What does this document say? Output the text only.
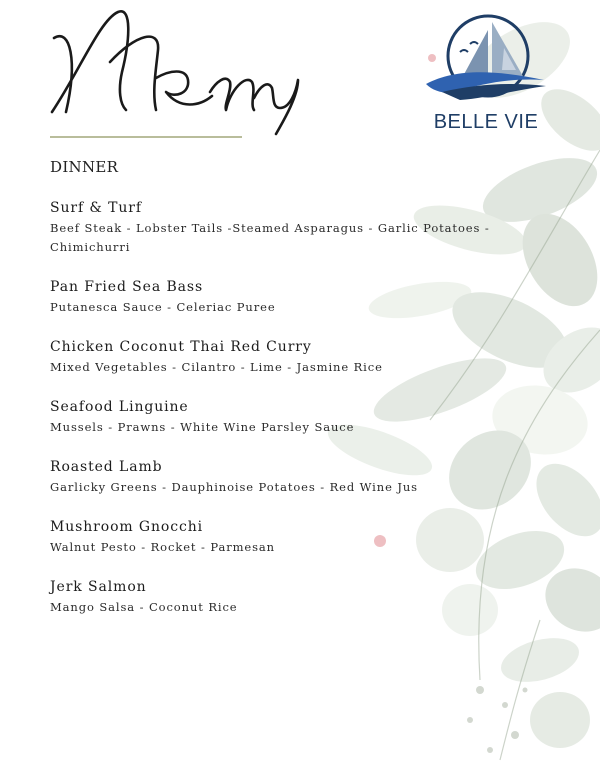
BELLE VIE
DINNER
Surf & Turf
Beef Steak - Lobster Tails -Steamed Asparagus - Garlic Potatoes - Chimichurri
Pan Fried Sea Bass
Putanesca Sauce - Celeriac Puree
Chicken Coconut Thai Red Curry
Mixed Vegetables - Cilantro - Lime - Jasmine Rice
Seafood Linguine
Mussels - Prawns - White Wine Parsley Sauce
Roasted Lamb
Garlicky Greens - Dauphinoise Potatoes - Red Wine Jus
Mushroom Gnocchi
Walnut Pesto - Rocket - Parmesan
Jerk Salmon
Mango Salsa - Coconut Rice
